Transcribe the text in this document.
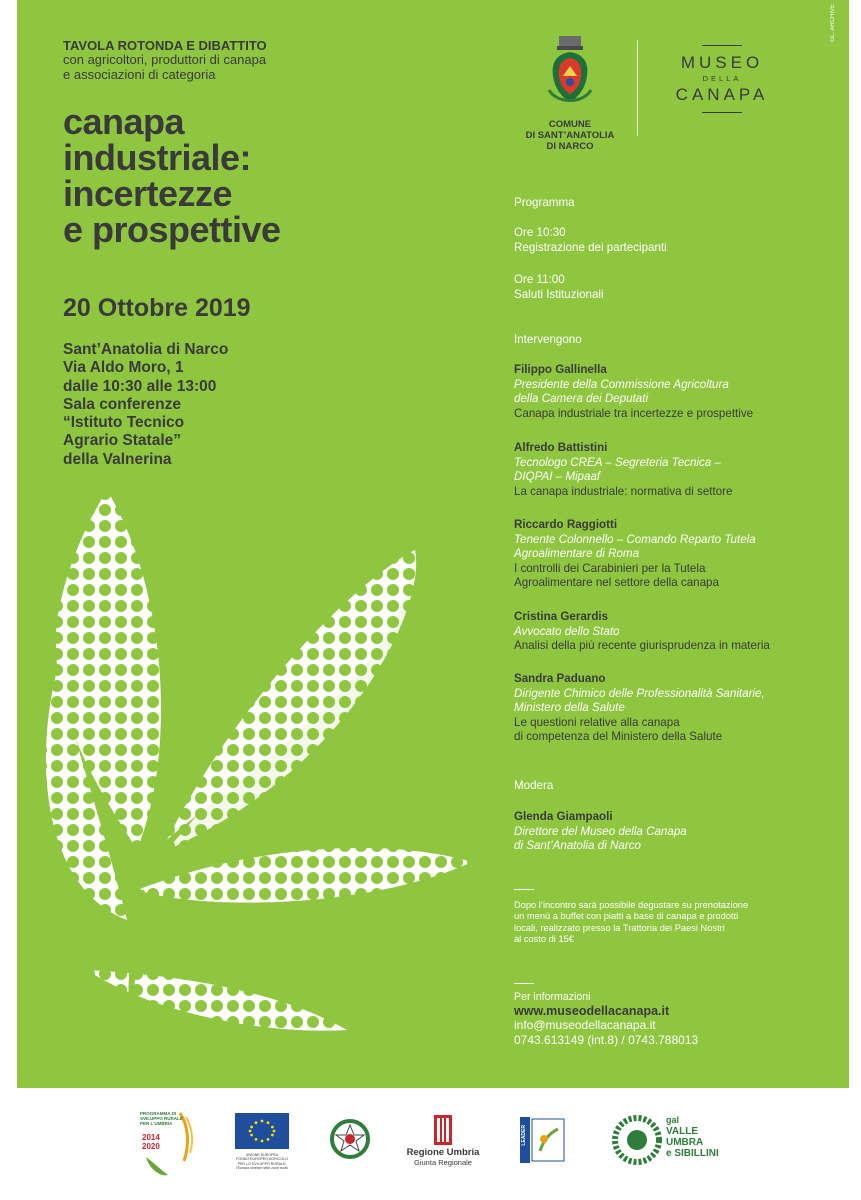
TAVOLA ROTONDA E DIBATTITO
con agricoltori, produttori di canapa
e associazioni di categoria
canapa
industriale:
incertezze
e prospettive
20 Ottobre 2019
Sant’Anatolia di Narco
Via Aldo Moro, 1
dalle 10:30 alle 13:00
Sala conferenze
“Istituto Tecnico
Agrario Statale”
della Valnerina
COMUNE
DI SANT’ANATOLIA
DI NARCO
MUSEO
DELLA
CANAPA
Programma
Ore 10:30
Registrazione dei partecipanti
Ore 11:00
Saluti Istituzionali
Intervengono
Filippo Gallinella
Presidente della Commissione Agricoltura
della Camera dei Deputati
Canapa industriale tra incertezze e prospettive
Alfredo Battistini
Tecnologo CREA – Segreteria Tecnica –
DIQPAI – Mipaaf
La canapa industriale: normativa di settore
Riccardo Raggiotti
Tenente Colonnello – Comando Reparto Tutela
Agroalimentare di Roma
I controlli dei Carabinieri per la Tutela
Agroalimentare nel settore della canapa
Cristina Gerardis
Avvocato dello Stato
Analisi della più recente giurisprudenza in materia
Sandra Paduano
Dirigente Chimico delle Professionalità Sanitarie,
Ministero della Salute
Le questioni relative alla canapa
di competenza del Ministero della Salute
Modera
Glenda Giampaoli
Direttore del Museo della Canapa
di Sant’Anatolia di Narco
Dopo l’incontro sarà possibile degustare su prenotazione
un menù a buffet con piatti a base di canapa e prodotti
locali, realizzato presso la Trattoria dei Paesi Nostri
al costo di 15€
Per informazioni
www.museodellacanapa.it
info@museodellacanapa.it
0743.613149 (int.8) / 0743.788013
GL. ARCHIVE
PROGRAMMA DI
SVILUPPO RURALE
PER L'UMBRIA
2014
2020
UNIONE EUROPEA
FONDO EUROPEO AGRICOLO
PER LO SVILUPPO RURALE:
l'Europa investe nelle zone rurali
Regione Umbria
Giunta Regionale
LEADER
gal
VALLE
UMBRA
e SIBILLINI
